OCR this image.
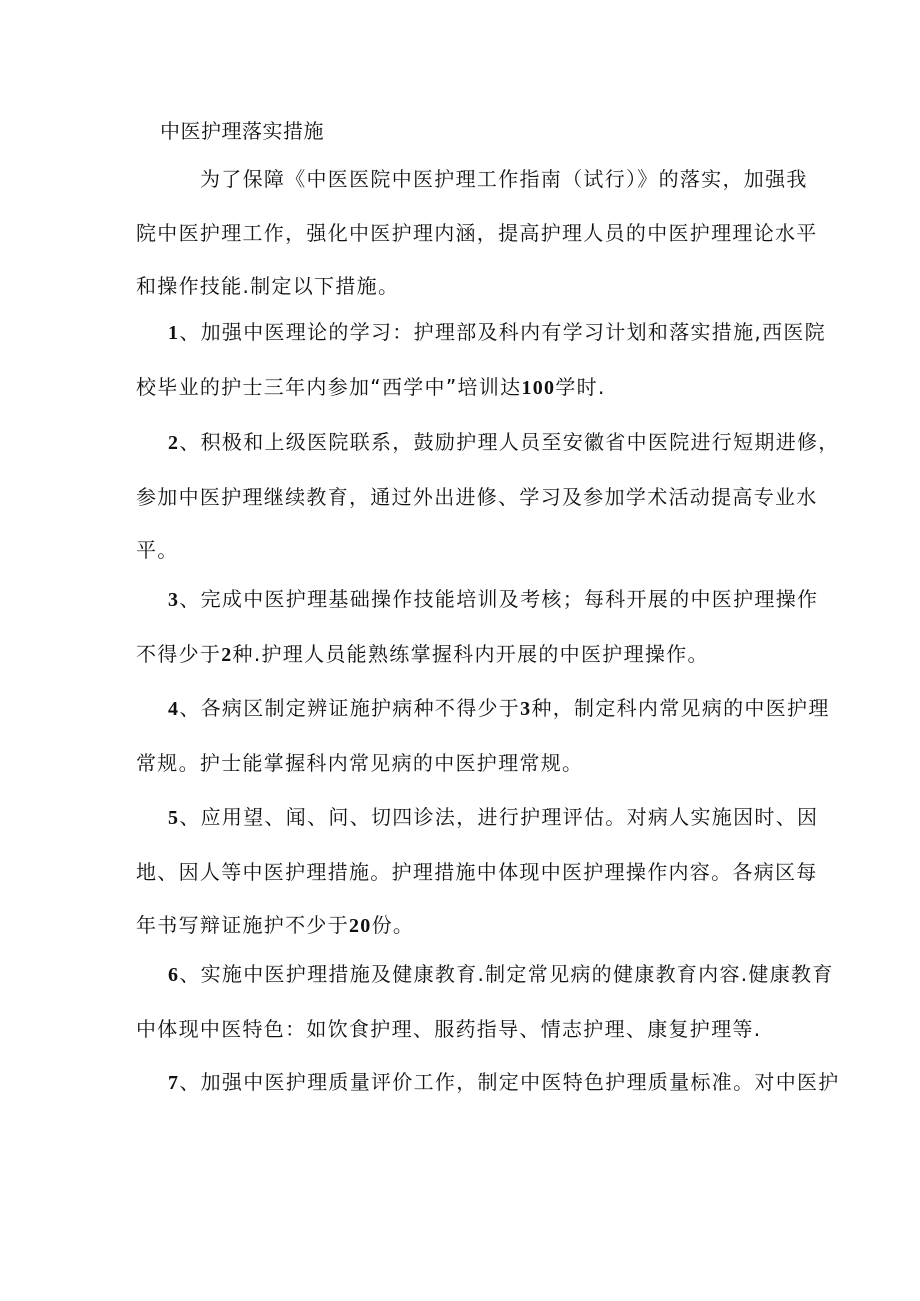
中医护理落实措施
为了保障《中医医院中医护理工作指南（试行）》的落实，加强我
院中医护理工作，强化中医护理内涵，提高护理人员的中医护理理论水平
和操作技能.制定以下措施。
1、加强中医理论的学习：护理部及科内有学习计划和落实措施,西医院
校毕业的护士三年内参加“西学中”培训达100学时.
2、积极和上级医院联系，鼓励护理人员至安徽省中医院进行短期进修，
参加中医护理继续教育，通过外出进修、学习及参加学术活动提高专业水
平。
3、完成中医护理基础操作技能培训及考核；每科开展的中医护理操作
不得少于2种.护理人员能熟练掌握科内开展的中医护理操作。
4、各病区制定辨证施护病种不得少于3种，制定科内常见病的中医护理
常规。护士能掌握科内常见病的中医护理常规。
5、应用望、闻、问、切四诊法，进行护理评估。对病人实施因时、因
地、因人等中医护理措施。护理措施中体现中医护理操作内容。各病区每
年书写辩证施护不少于20份。
6、实施中医护理措施及健康教育.制定常见病的健康教育内容.健康教育
中体现中医特色：如饮食护理、服药指导、情志护理、康复护理等.
7、加强中医护理质量评价工作，制定中医特色护理质量标准。对中医护
